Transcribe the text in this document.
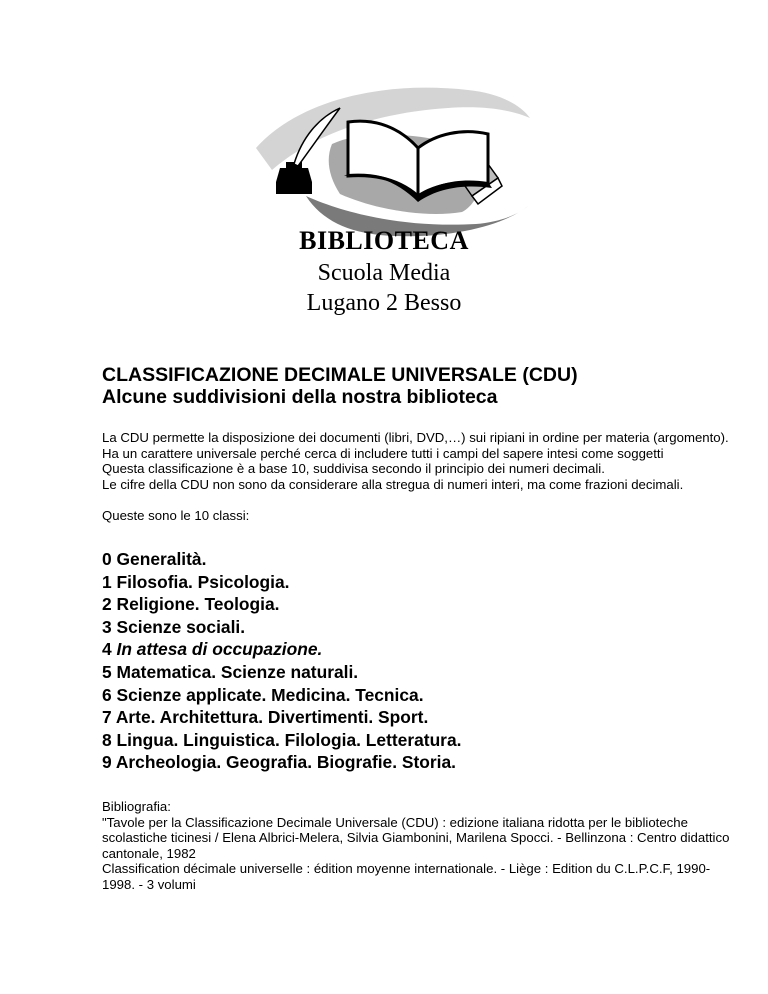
BIBLIOTECA
Scuola Media
Lugano 2 Besso
CLASSIFICAZIONE DECIMALE UNIVERSALE (CDU)
Alcune suddivisioni della nostra biblioteca

La CDU permette la disposizione dei documenti (libri, DVD,…) sui ripiani in ordine per materia (argomento). Ha un carattere universale perché cerca di includere tutti i campi del sapere intesi come soggetti

Questa classificazione è a base 10, suddivisa secondo il principio dei numeri decimali.

Le cifre della CDU non sono da considerare alla stregua di numeri interi, ma come frazioni decimali.

Queste sono le 10 classi:
0 Generalità.
1 Filosofia. Psicologia.
2 Religione. Teologia.
3 Scienze sociali.
4 In attesa di occupazione.
5 Matematica. Scienze naturali.
6 Scienze applicate. Medicina. Tecnica.
7 Arte. Architettura. Divertimenti. Sport.
8 Lingua. Linguistica. Filologia. Letteratura.
9 Archeologia. Geografia. Biografie. Storia.

Bibliografia:

"Tavole per la Classificazione Decimale Universale (CDU) : edizione italiana ridotta per le biblioteche scolastiche ticinesi / Elena Albrici-Melera, Silvia Giambonini, Marilena Spocci. - Bellinzona : Centro didattico cantonale, 1982

Classification décimale universelle : édition moyenne internationale. - Liège : Edition du C.L.P.C.F, 1990-1998. - 3 volumi
